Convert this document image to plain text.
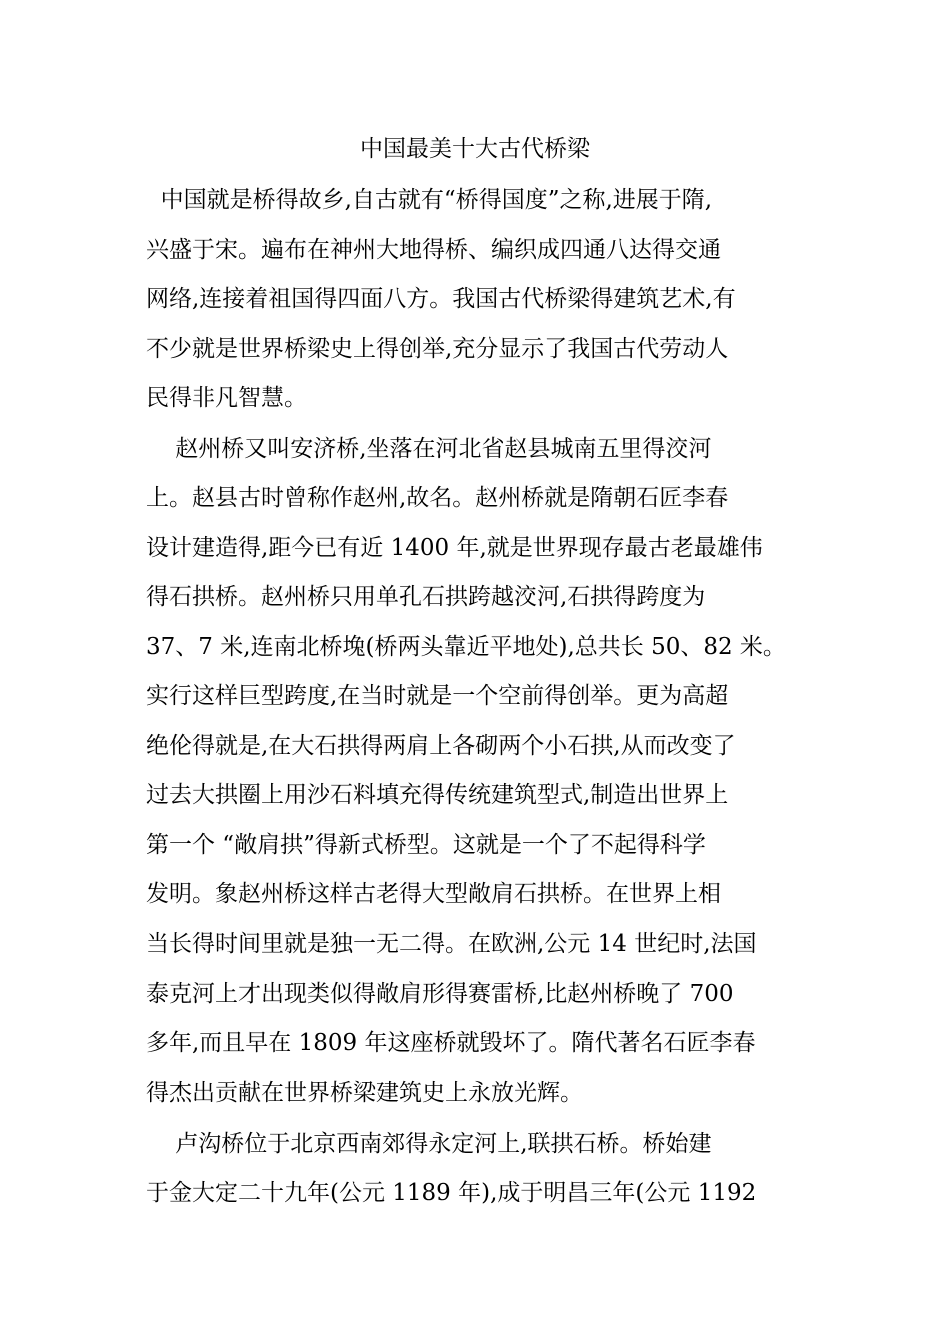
中国最美十大古代桥梁
中国就是桥得故乡,自古就有“桥得国度”之称,进展于隋,
兴盛于宋。遍布在神州大地得桥、编织成四通八达得交通
网络,连接着祖国得四面八方。我国古代桥梁得建筑艺术,有
不少就是世界桥梁史上得创举,充分显示了我国古代劳动人
民得非凡智慧。
赵州桥又叫安济桥,坐落在河北省赵县城南五里得洨河
上。赵县古时曾称作赵州,故名。赵州桥就是隋朝石匠李春
设计建造得,距今已有近 1400 年,就是世界现存最古老最雄伟
得石拱桥。赵州桥只用单孔石拱跨越洨河,石拱得跨度为
37、7 米,连南北桥堍(桥两头靠近平地处),总共长 50、82 米。
实行这样巨型跨度,在当时就是一个空前得创举。更为高超
绝伦得就是,在大石拱得两肩上各砌两个小石拱,从而改变了
过去大拱圈上用沙石料填充得传统建筑型式,制造出世界上
第一个 “敞肩拱”得新式桥型。这就是一个了不起得科学
发明。象赵州桥这样古老得大型敞肩石拱桥。在世界上相
当长得时间里就是独一无二得。在欧洲,公元 14 世纪时,法国
泰克河上才出现类似得敞肩形得赛雷桥,比赵州桥晚了 700
多年,而且早在 1809 年这座桥就毁坏了。隋代著名石匠李春
得杰出贡献在世界桥梁建筑史上永放光辉。
卢沟桥位于北京西南郊得永定河上,联拱石桥。桥始建
于金大定二十九年(公元 1189 年),成于明昌三年(公元 1192
